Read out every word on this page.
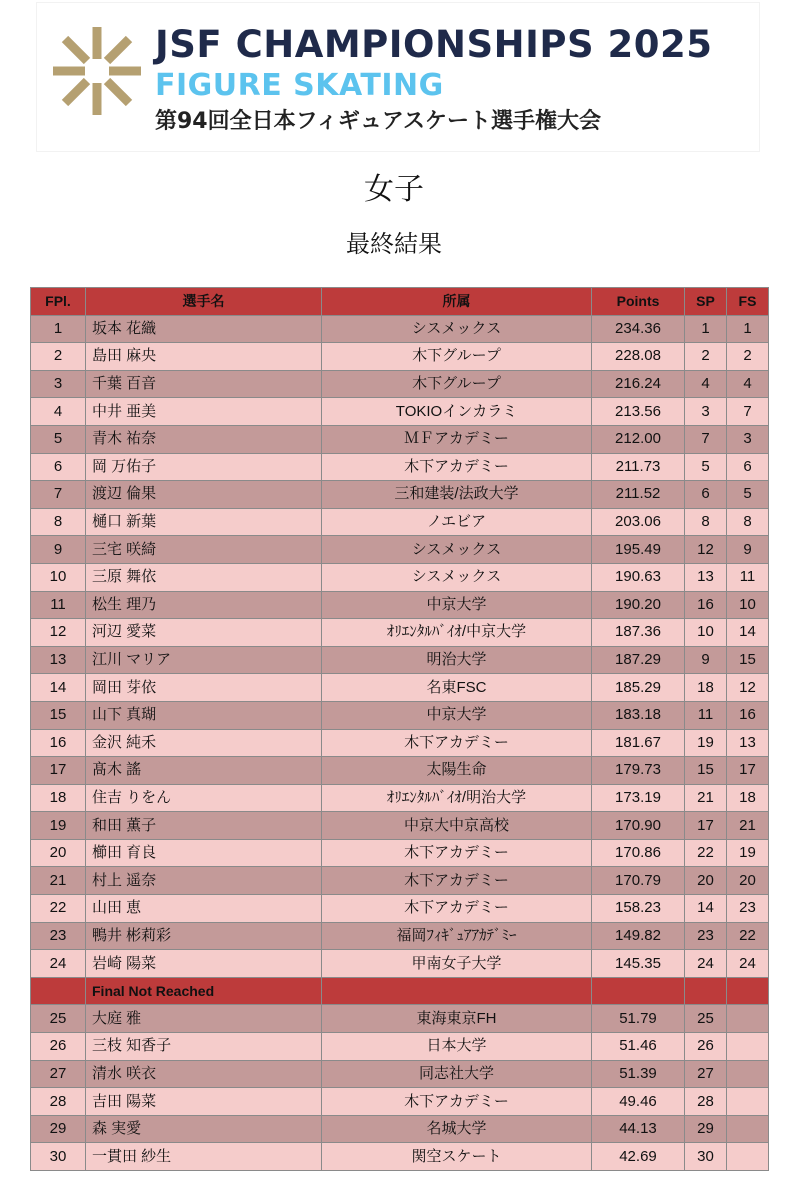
JSF CHAMPIONSHIPS 2025
FIGURE SKATING
第94回全日本フィギュアスケート選手権大会
女子
最終結果
FPl.	選手名	所属	Points	SP	FS
1	坂本 花織	シスメックス	234.36	1	1
2	島田 麻央	木下グループ	228.08	2	2
3	千葉 百音	木下グループ	216.24	4	4
4	中井 亜美	TOKIOインカラミ	213.56	3	7
5	青木 祐奈	ＭＦアカデミー	212.00	7	3
6	岡 万佑子	木下アカデミー	211.73	5	6
7	渡辺 倫果	三和建装/法政大学	211.52	6	5
8	樋口 新葉	ノエビア	203.06	8	8
9	三宅 咲綺	シスメックス	195.49	12	9
10	三原 舞依	シスメックス	190.63	13	11
11	松生 理乃	中京大学	190.20	16	10
12	河辺 愛菜	ｵﾘｴﾝﾀﾙﾊﾞｲｵ/中京大学	187.36	10	14
13	江川 マリア	明治大学	187.29	9	15
14	岡田 芽依	名東FSC	185.29	18	12
15	山下 真瑚	中京大学	183.18	11	16
16	金沢 純禾	木下アカデミー	181.67	19	13
17	髙木 謠	太陽生命	179.73	15	17
18	住吉 りをん	ｵﾘｴﾝﾀﾙﾊﾞｲｵ/明治大学	173.19	21	18
19	和田 薫子	中京大中京高校	170.90	17	21
20	櫛田 育良	木下アカデミー	170.86	22	19
21	村上 遥奈	木下アカデミー	170.79	20	20
22	山田 恵	木下アカデミー	158.23	14	23
23	鴨井 彬莉彩	福岡ﾌｨｷﾞｭｱｱｶﾃﾞﾐｰ	149.82	23	22
24	岩崎 陽菜	甲南女子大学	145.35	24	24
	Final Not Reached				
25	大庭 雅	東海東京FH	51.79	25	
26	三枝 知香子	日本大学	51.46	26	
27	清水 咲衣	同志社大学	51.39	27	
28	吉田 陽菜	木下アカデミー	49.46	28	
29	森 実愛	名城大学	44.13	29	
30	一貫田 紗生	関空スケート	42.69	30	
